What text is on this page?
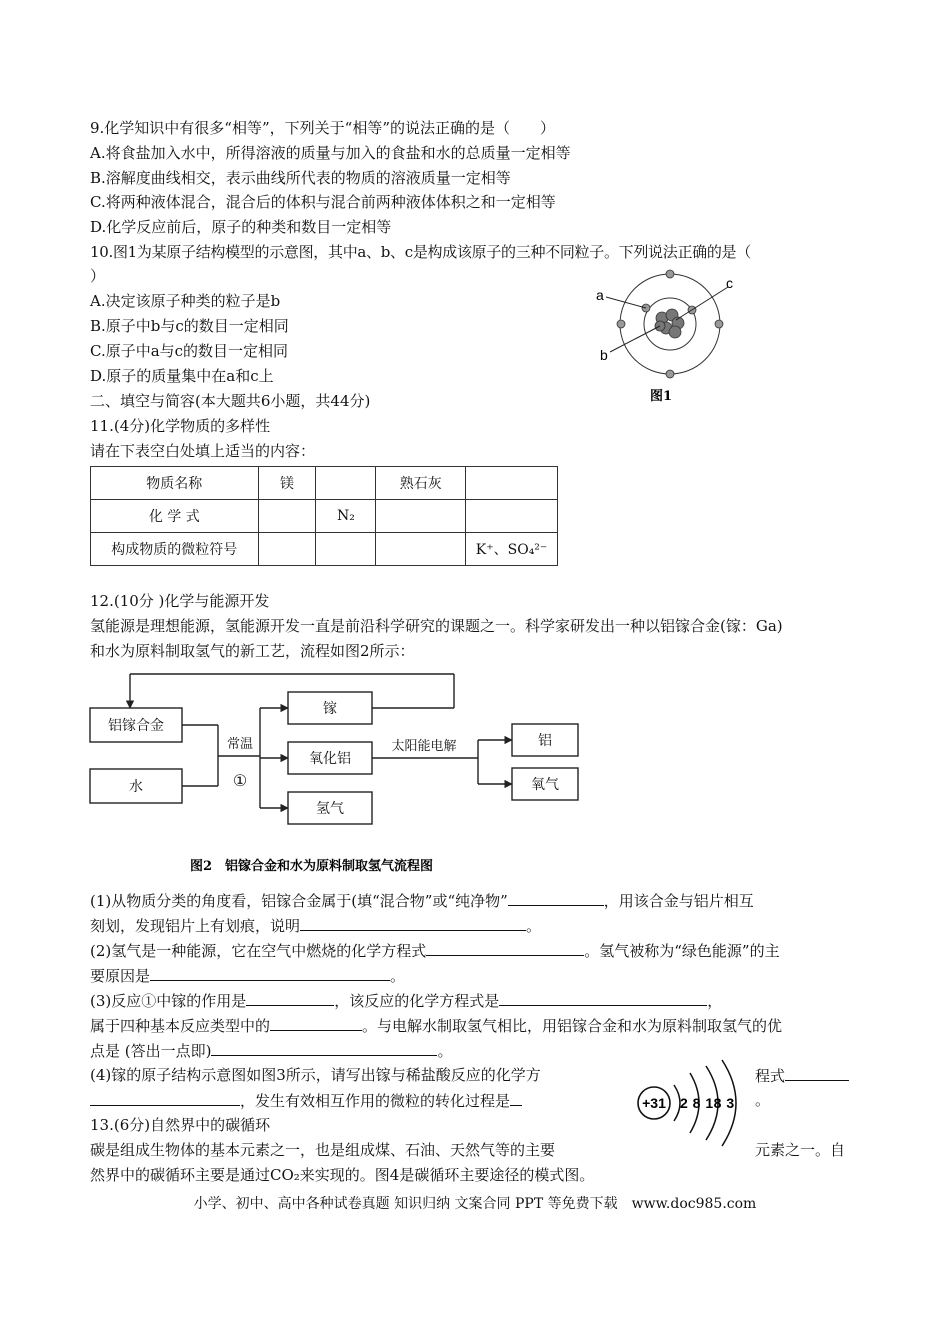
9.化学知识中有很多“相等”，下列关于“相等”的说法正确的是（　　）
A.将食盐加入水中，所得溶液的质量与加入的食盐和水的总质量一定相等
B.溶解度曲线相交，表示曲线所代表的物质的溶液质量一定相等
C.将两种液体混合，混合后的体积与混合前两种液体体积之和一定相等
D.化学反应前后，原子的种类和数目一定相等
10.图1为某原子结构模型的示意图，其中a、b、c是构成该原子的三种不同粒子。下列说法正确的是（
）
A.决定该原子种类的粒子是b
B.原子中b与c的数目一定相同
C.原子中a与c的数目一定相同
D.原子的质量集中在a和c上
a
b
c
图1
二、填空与简容(本大题共6小题，共44分)
11.(4分)化学物质的多样性
请在下表空白处填上适当的内容：
物质名称	镁		熟石灰	
化 学 式		N₂		
构成物质的微粒符号				K⁺、SO₄²⁻
12.(10分 )化学与能源开发
氢能源是理想能源，氢能源开发一直是前沿科学研究的课题之一。科学家研发出一种以铝镓合金(镓：Ga)
和水为原料制取氢气的新工艺，流程如图2所示：
铝镓合金
水
镓
氧化铝
氢气
铝
氧气
常温
①
太阳能电解
图2　铝镓合金和水为原料制取氢气流程图
(1)从物质分类的角度看，铝镓合金属于(填“混合物”或“纯净物”	，用该合金与铝片相互
刻划，发现铝片上有划痕，说明	。
(2)氢气是一种能源，它在空气中燃烧的化学方程式	。氢气被称为“绿色能源”的主
要原因是	。
(3)反应①中镓的作用是	，该反应的化学方程式是	，
属于四种基本反应类型中的	。与电解水制取氢气相比，用铝镓合金和水为原料制取氢气的优
点是 (答出一点即)	。
(4)镓的原子结构示意图如图3所示，请写出镓与稀盐酸反应的化学方	程式
，发生有效相互作用的微粒的转化过程是	。
+31 2 8 18 3
13.(6分)自然界中的碳循环
碳是组成生物体的基本元素之一，也是组成煤、石油、天然气等的主要	元素之一。自
然界中的碳循环主要是通过CO₂来实现的。图4是碳循环主要途径的模式图。
小学、初中、高中各种试卷真题 知识归纳 文案合同 PPT 等免费下载　www.doc985.com
